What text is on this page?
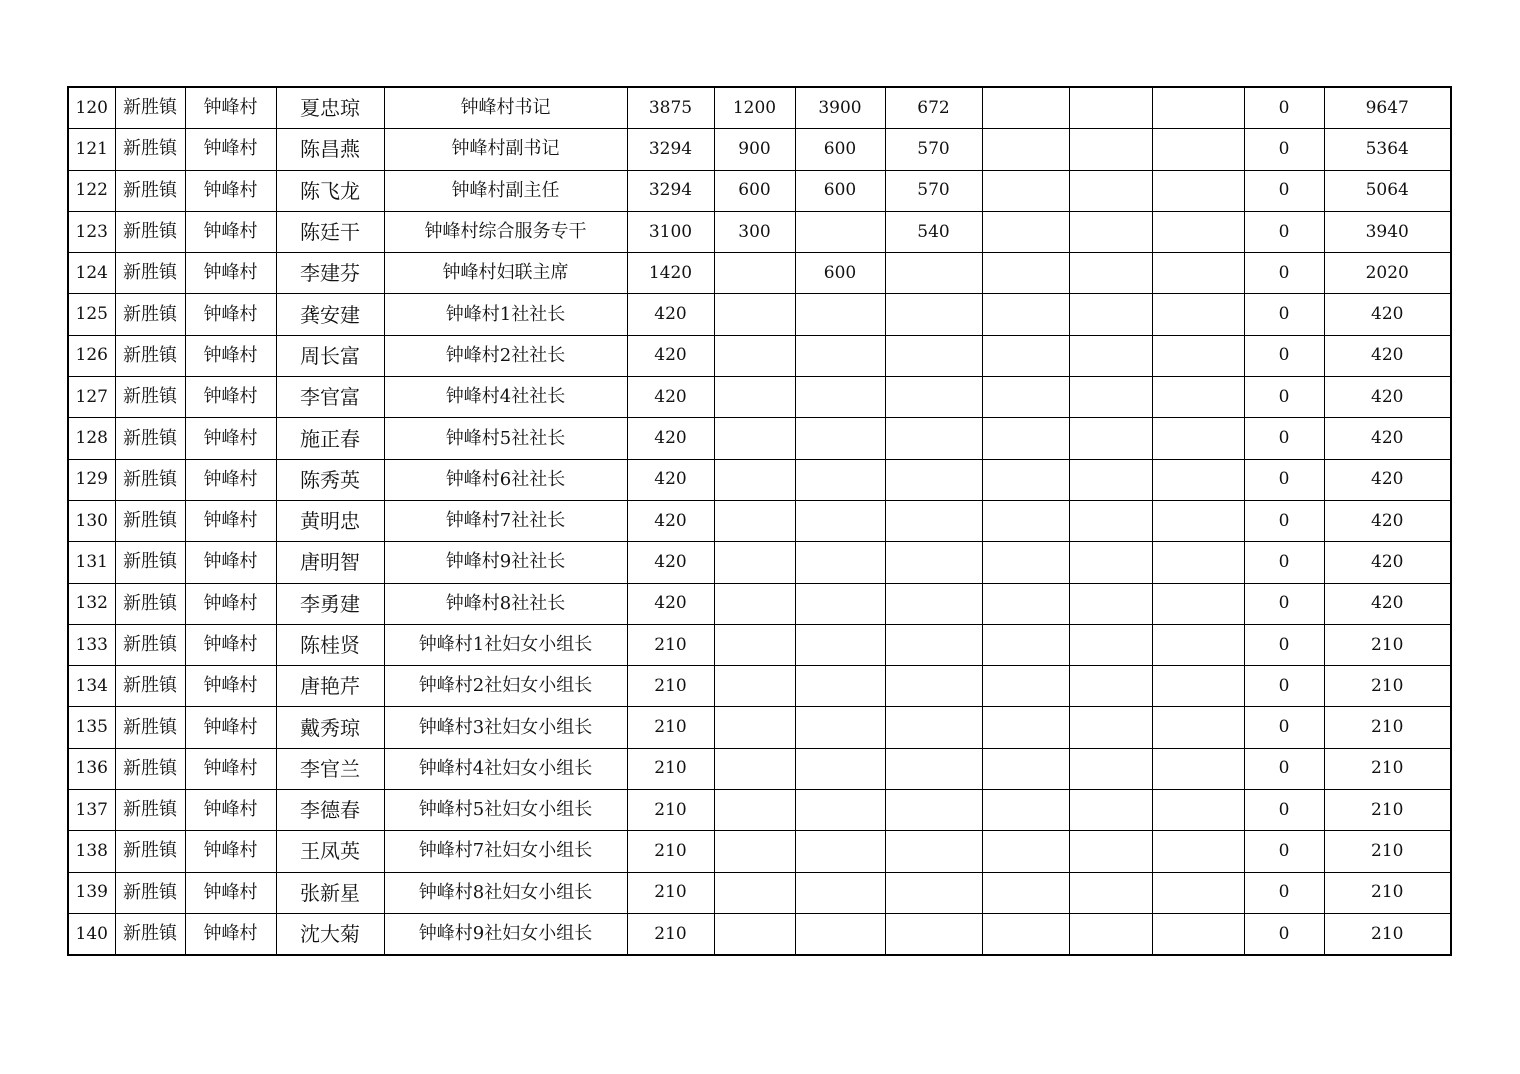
120	新胜镇	钟峰村	夏忠琼	钟峰村书记	3875	1200	3900	672				0	9647
121	新胜镇	钟峰村	陈昌燕	钟峰村副书记	3294	900	600	570				0	5364
122	新胜镇	钟峰村	陈飞龙	钟峰村副主任	3294	600	600	570				0	5064
123	新胜镇	钟峰村	陈廷干	钟峰村综合服务专干	3100	300		540				0	3940
124	新胜镇	钟峰村	李建芬	钟峰村妇联主席	1420		600					0	2020
125	新胜镇	钟峰村	龚安建	钟峰村1社社长	420							0	420
126	新胜镇	钟峰村	周长富	钟峰村2社社长	420							0	420
127	新胜镇	钟峰村	李官富	钟峰村4社社长	420							0	420
128	新胜镇	钟峰村	施正春	钟峰村5社社长	420							0	420
129	新胜镇	钟峰村	陈秀英	钟峰村6社社长	420							0	420
130	新胜镇	钟峰村	黄明忠	钟峰村7社社长	420							0	420
131	新胜镇	钟峰村	唐明智	钟峰村9社社长	420							0	420
132	新胜镇	钟峰村	李勇建	钟峰村8社社长	420							0	420
133	新胜镇	钟峰村	陈桂贤	钟峰村1社妇女小组长	210							0	210
134	新胜镇	钟峰村	唐艳芹	钟峰村2社妇女小组长	210							0	210
135	新胜镇	钟峰村	戴秀琼	钟峰村3社妇女小组长	210							0	210
136	新胜镇	钟峰村	李官兰	钟峰村4社妇女小组长	210							0	210
137	新胜镇	钟峰村	李德春	钟峰村5社妇女小组长	210							0	210
138	新胜镇	钟峰村	王凤英	钟峰村7社妇女小组长	210							0	210
139	新胜镇	钟峰村	张新星	钟峰村8社妇女小组长	210							0	210
140	新胜镇	钟峰村	沈大菊	钟峰村9社妇女小组长	210							0	210
